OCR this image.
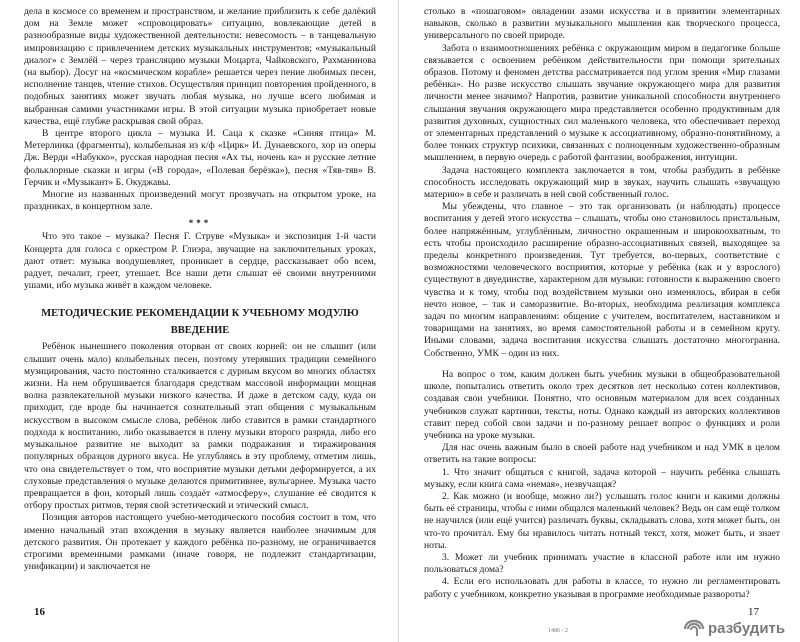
дела в космосе со временем и пространством, и желание приблизить к себе далёкий дом на Земле может «спровоцировать» ситуацию, вовлекающие детей в разнообразные виды художественной деятельности: невесомость – в танцевальную импровизацию с привлечением детских музыкальных инструментов; «музыкальный диалог» с Землёй – через трансляцию музыки Моцарта, Чайковского, Рахманинова (на выбор). Досуг на «космическом корабле» решается через пение любимых песен, исполнение танцев, чтение стихов. Осуществляя принцип повторения пройденного, в подобных занятиях может звучать любая музыка, но лучше всего любимая и выбранная самими участниками игры. В этой ситуации музыка приобретает новые качества, ещё глубже раскрывая свой образ.

В центре второго цикла – музыка И. Саца к сказке «Синяя птица» М. Метерлинка (фрагменты), колыбельная из к/ф «Цирк» И. Дунаевского, хор из оперы Дж. Верди «Набукко», русская народная песня «Ах ты, ночень ка» и русские летние фольклорные сказки и игры («В города», «Полевая берёзка»), песня «Тяв-тяв» В. Герчик и «Музыкант» Б. Окуджавы.

Многие из названных произведений могут прозвучать на открытом уроке, на праздниках, в концертном зале.

***

Что это такое – музыка? Песня Г. Струве «Музыка» и экспозиция 1-й части Концерта для голоса с оркестром Р. Глиэра, звучащие на заключительных уроках, дают ответ: музыка воодушевляет, проникает в сердце, рассказывает обо всем, радует, печалит, греет, утешает. Все наши дети слышат её своими внутренними ушами, ибо музыка живёт в каждом человеке.

МЕТОДИЧЕСКИЕ РЕКОМЕНДАЦИИ К УЧЕБНОМУ МОДУЛЮ
ВВЕДЕНИЕ

Ребёнок нынешнего поколения оторван от своих корней: он не слышит (или слышит очень мало) колыбельных песен, поэтому утерявших традиции семейного музицирования, часто постоянно сталкивается с дурным вкусом во многих областях жизни. На нем обрушивается благодаря средствам массовой информации мощная волна развлекательной музыки низкого качества. И даже в детском саду, куда он приходит, где вроде бы начинается сознательный этап общения с музыкальным искусством в высоком смысле слова, ребёнок либо ставится в рамки стандартного подхода к воспитанию, либо оказывается в плену музыки второго разряда, либо его музыкальное развитие не выходит за рамки подражания и тиражирования популярных образцов дурного вкуса. Не углубляясь в эту проблему, отметим лишь, что она свидетельствует о том, что восприятие музыки детьми деформируется, а их слуховые представления о музыке делаются примитивнее, вульгарнее. Музыка часто превращается в фон, который лишь создаёт «атмосферу», слушание её сводится к отбору простых ритмов, теряя свой эстетический и этический смысл.

Позиция авторов настоящего учебно-методического пособия состоит в том, что именно начальный этап вхождения в музыку является наиболее значимым для детского развития. Он протекает у каждого ребёнка по-разному, не ограничивается строгими временными рамками (иначе говоря, не подлежит стандартизации, унификации) и заключается не

столько в «пошаговом» овладении азами искусства и в привитии элементарных навыков, сколько в развитии музыкального мышления как творческого процесса, универсального по своей природе.

Забота о взаимоотношениях ребёнка с окружающим миром в педагогике больше связывается с освоением ребёнком действительности при помощи зрительных образов. Потому и феномен детства рассматривается под углом зрения «Мир глазами ребёнка». Но разве искусство слышать звучание окружающего мира для развития личности менее значимо? Напротив, развитие уникальной способности внутреннего слышания звучания окружающего мира представляется особенно продуктивным для развития духовных, сущностных сил маленького человека, что обеспечивает переход от элементарных представлений о музыке к ассоциативному, образно-понятийному, а более тонких структур психики, связанных с полноценным художественно-образным мышлением, в первую очередь с работой фантазии, воображения, интуиции.

Задача настоящего комплекта заключается в том, чтобы разбудить в ребёнке способность исследовать окружающий мир в звуках, научить слышать «звучащую материю» в себе и различать в ней свой собственный голос.

Мы убеждены, что главное – это так организовать (и наблюдать) процессе воспитания у детей этого искусства – слышать, чтобы оно становилось пристальным, более напряжённым, углублённым, личностно окрашенным и широкоохватным, то есть чтобы происходило расширение образно-ассоциативных связей, выходящее за пределы конкретного произведения. Тут требуется, во-первых, соответствие с возможностями человеческого восприятия, которые у ребёнка (как и у взрослого) существуют в двуединстве, характерном для музыки: готовности к выражению своего чувства и к тому, чтобы под воздействием музыки оно изменялось, вбирая в себя нечто новое, – так и саморазвитие. Во-вторых, необходима реализация комплекса задач по многим направлениям: общение с учителем, воспитателем, наставником и товарищами на занятиях, во время самостоятельной работы и в семейном кругу. Иными словами, задача воспитания искусства слышать достаточно многогранна. Собственно, УМК – один из них.

На вопрос о том, каким должен быть учебник музыки в общеобразовательной школе, попытались ответить около трех десятков лет несколько сотен коллективов, создавая свои учебники. Понятно, что основным материалом для всех созданных учебников служат картинки, тексты, ноты. Однако каждый из авторских коллективов ставит перед собой свои задачи и по-разному решает вопрос о функциях и роли учебника на уроке музыки.

Для нас очень важным было в своей работе над учебником и над УМК в целом ответить на такие вопросы:

1. Что значит общаться с книгой, задача которой – научить ребёнка слышать музыку, если книга сама «немая», незвучащая?

2. Как можно (и вообще, можно ли?) услышать голос книги и какими должны быть её страницы, чтобы с ними общался маленький человек? Ведь он сам ещё толком не научился (или ещё учится) различать буквы, складывать слова, хотя может быть, он что-то прочитал. Ему бы нравилось читать нотный текст, хотя, может быть, и знает ноты.

3. Может ли учебник принимать участие в классной работе или им нужно пользоваться дома?

4. Если его использовать для работы в классе, то нужно ли регламентировать работу с учебником, конкретно указывая в программе необходимые развороты?

16	17
1486 - 2	разбудить
